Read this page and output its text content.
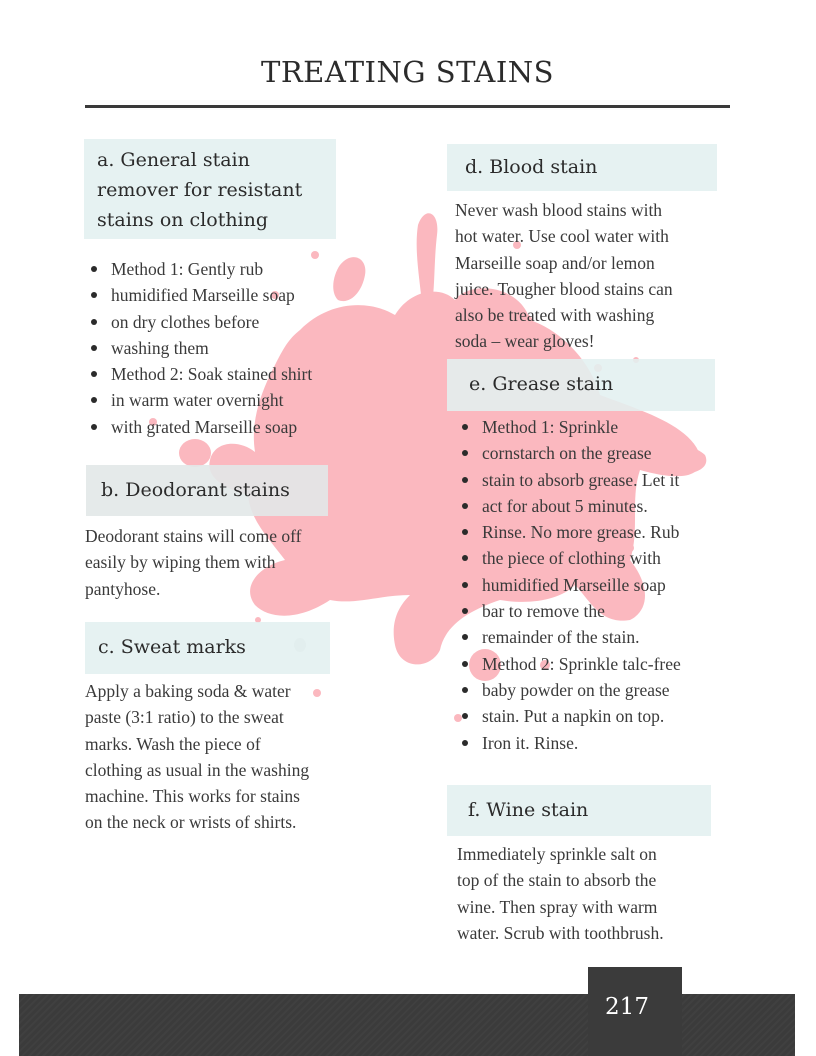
TREATING STAINS
a. General stain
remover for resistant
stains on clothing
Method 1: Gently rub
humidified Marseille soap
on dry clothes before
washing them
Method 2: Soak stained shirt
in warm water overnight
with grated Marseille soap
b. Deodorant stains
Deodorant stains will come off
easily by wiping them with
pantyhose.
c. Sweat marks
Apply a baking soda & water
paste (3:1 ratio) to the sweat
marks. Wash the piece of
clothing as usual in the washing
machine. This works for stains
on the neck or wrists of shirts.
d. Blood stain
Never wash blood stains with
hot water. Use cool water with
Marseille soap and/or lemon
juice. Tougher blood stains can
also be treated with washing
soda – wear gloves!
e. Grease stain
Method 1: Sprinkle
cornstarch on the grease
stain to absorb grease. Let it
act for about 5 minutes.
Rinse. No more grease. Rub
the piece of clothing with
humidified Marseille soap
bar to remove the
remainder of the stain.
Method 2: Sprinkle talc-free
baby powder on the grease
stain. Put a napkin on top.
Iron it. Rinse.
f. Wine stain
Immediately sprinkle salt on
top of the stain to absorb the
wine. Then spray with warm
water. Scrub with toothbrush.
217
